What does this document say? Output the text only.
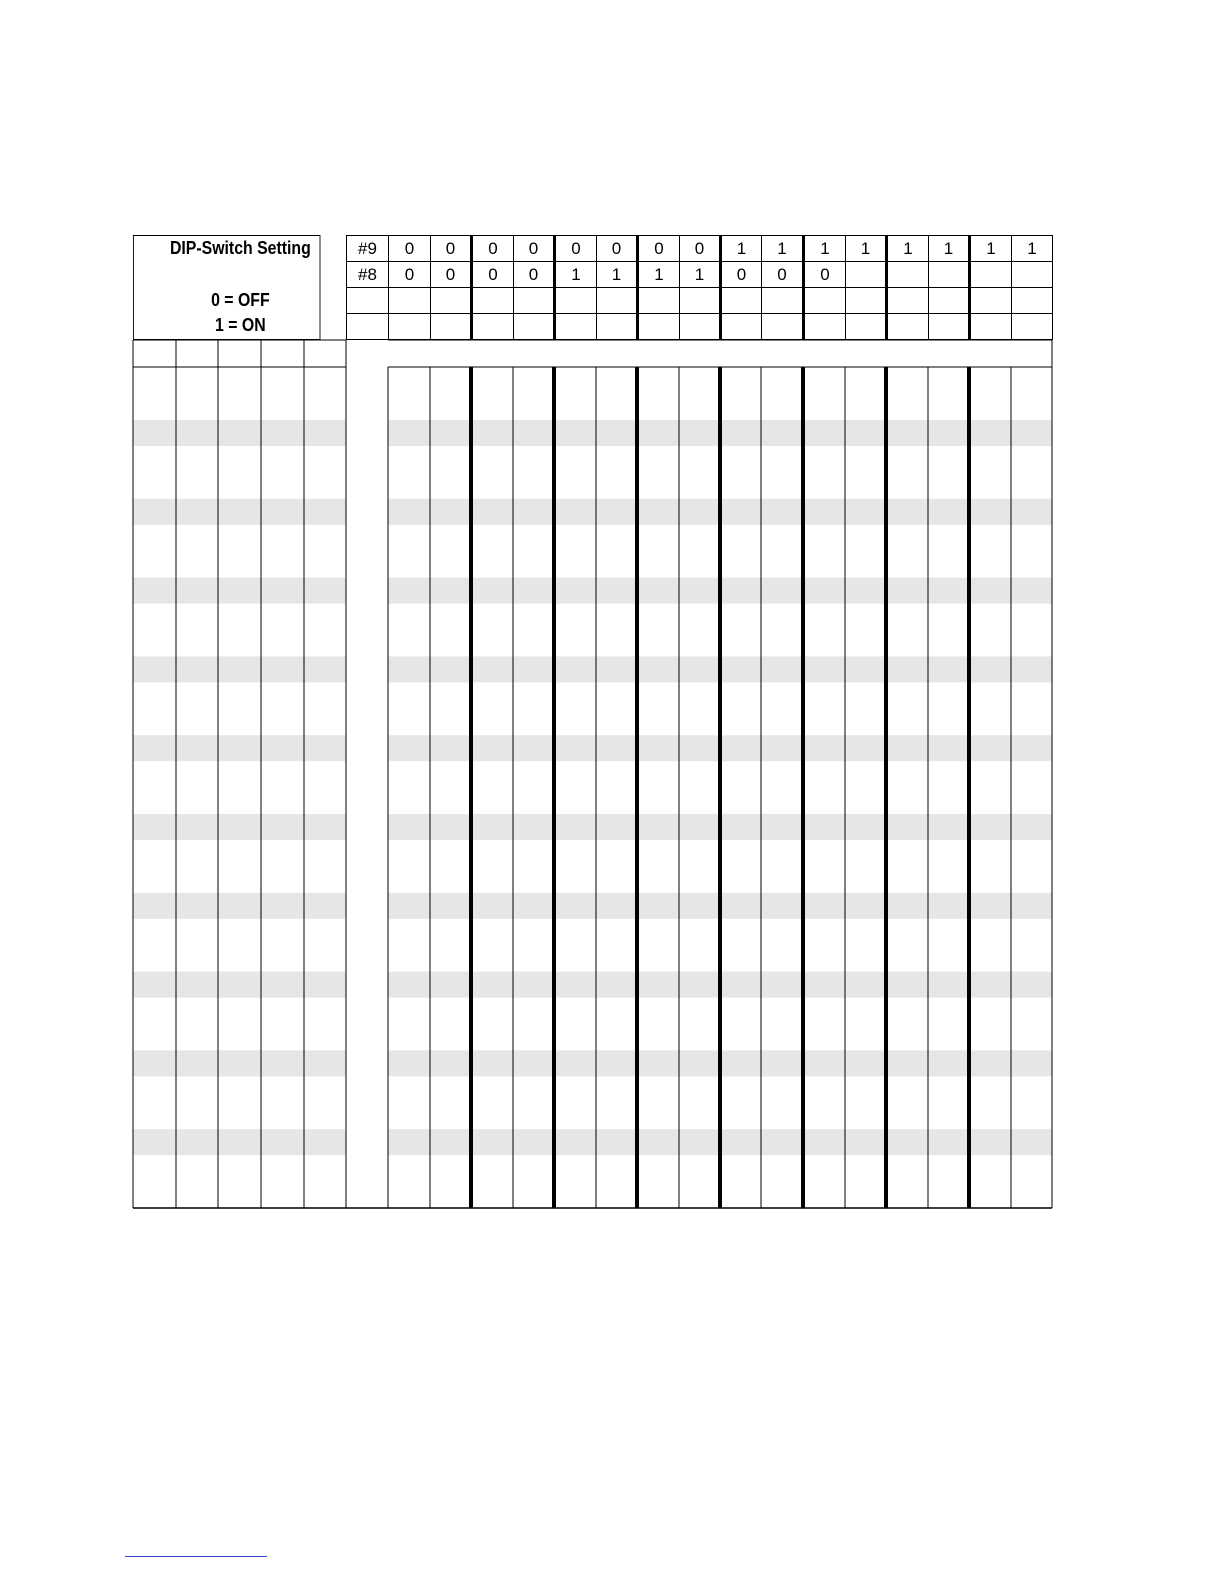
DIP-Switch Setting
0 = OFF
1 = ON
#9	0	0	0	0	0	0	0	0	1	1	1	1	1	1	1	1
#8	0	0	0	0	1	1	1	1	0	0	0					
